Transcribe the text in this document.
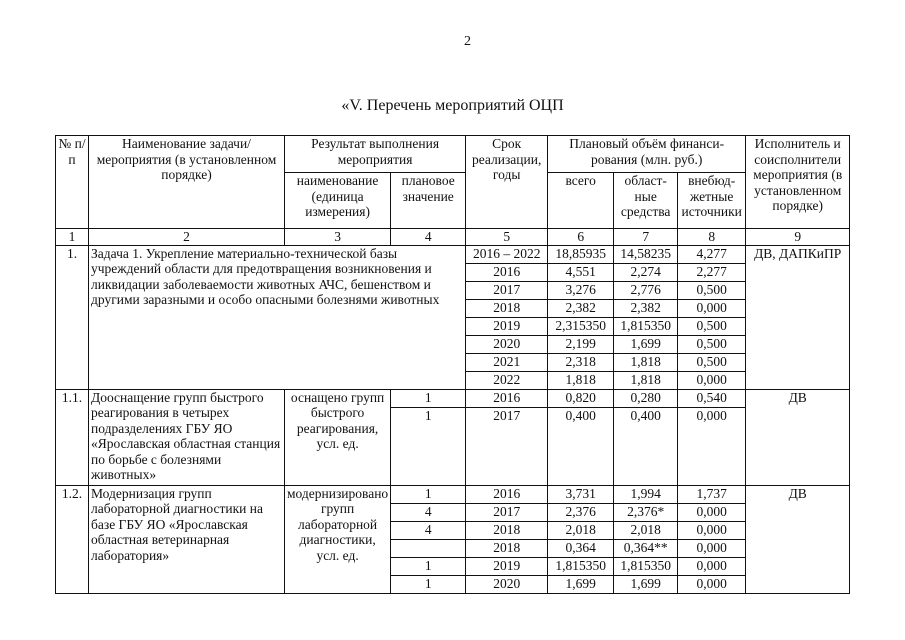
2
«V. Перечень мероприятий ОЦП
№ п/п	Наименование задачи/мероприятия (в установленном порядке)	Результат выполнения мероприятия		Срок реализации, годы	Плановый объём финанси- рования (млн. руб.)			Исполнитель и соисполнители мероприятия (в установленном порядке)
		наименование (единица измерения)	плановое значение		всего	област- ные средства	внебюд- жетные источники	
1	2	3	4	5	6	7	8	9
1.	Задача 1. Укрепление материально-технической базы учреждений области для предотвращения возникновения и ликвидации заболеваемости животных АЧС, бешенством и другими заразными и особо опасными болезнями животных			2016 – 2022	18,85935	14,58235	4,277	ДВ, ДАПКиПР
				2016	4,551	2,274	2,277	
				2017	3,276	2,776	0,500	
				2018	2,382	2,382	0,000	
				2019	2,315350	1,815350	0,500	
				2020	2,199	1,699	0,500	
				2021	2,318	1,818	0,500	
				2022	1,818	1,818	0,000	
1.1.	Дооснащение групп быстрого реагирования в четырех подразделениях ГБУ ЯО «Ярославская областная станция по борьбе с болезнями животных»	оснащено групп быстрого реагирования, усл. ед.	1	2016	0,820	0,280	0,540	ДВ
			1	2017	0,400	0,400	0,000	
1.2.	Модернизация групп лабораторной диагностики на базе ГБУ ЯО «Ярославская областная ветеринарная лаборатория»	модернизировано групп лабораторной диагностики, усл. ед.	1	2016	3,731	1,994	1,737	ДВ
			4	2017	2,376	2,376*	0,000	
			4	2018	2,018	2,018	0,000	
				2018	0,364	0,364**	0,000	
			1	2019	1,815350	1,815350	0,000	
			1	2020	1,699	1,699	0,000	
